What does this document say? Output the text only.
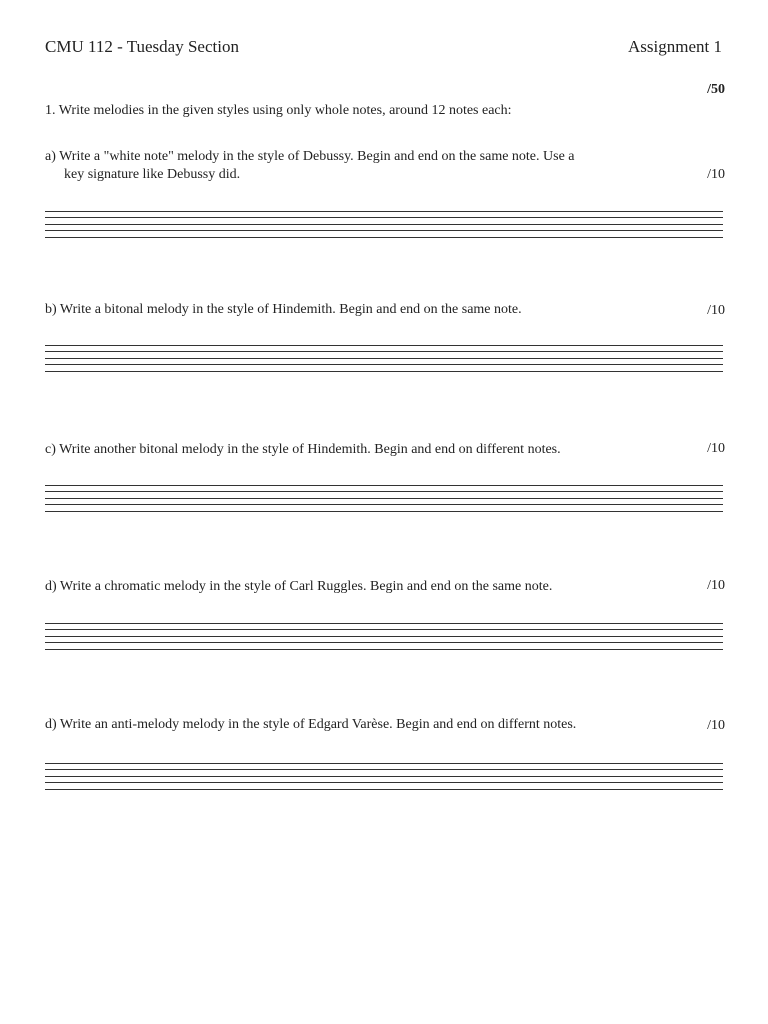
CMU 112 - Tuesday Section	Assignment 1
/50
1. Write melodies in the given styles using only whole notes, around 12 notes each:
a) Write a "white note" melody in the style of Debussy. Begin and end on the same note. Use a
key signature like Debussy did.	/10
b) Write a bitonal melody in the style of Hindemith. Begin and end on the same note.	/10
c) Write another bitonal melody in the style of Hindemith. Begin and end on different notes.	/10
d) Write a chromatic melody in the style of Carl Ruggles. Begin and end on the same note.	/10
d) Write an anti-melody melody in the style of Edgard Varèse. Begin and end on differnt notes.	/10
